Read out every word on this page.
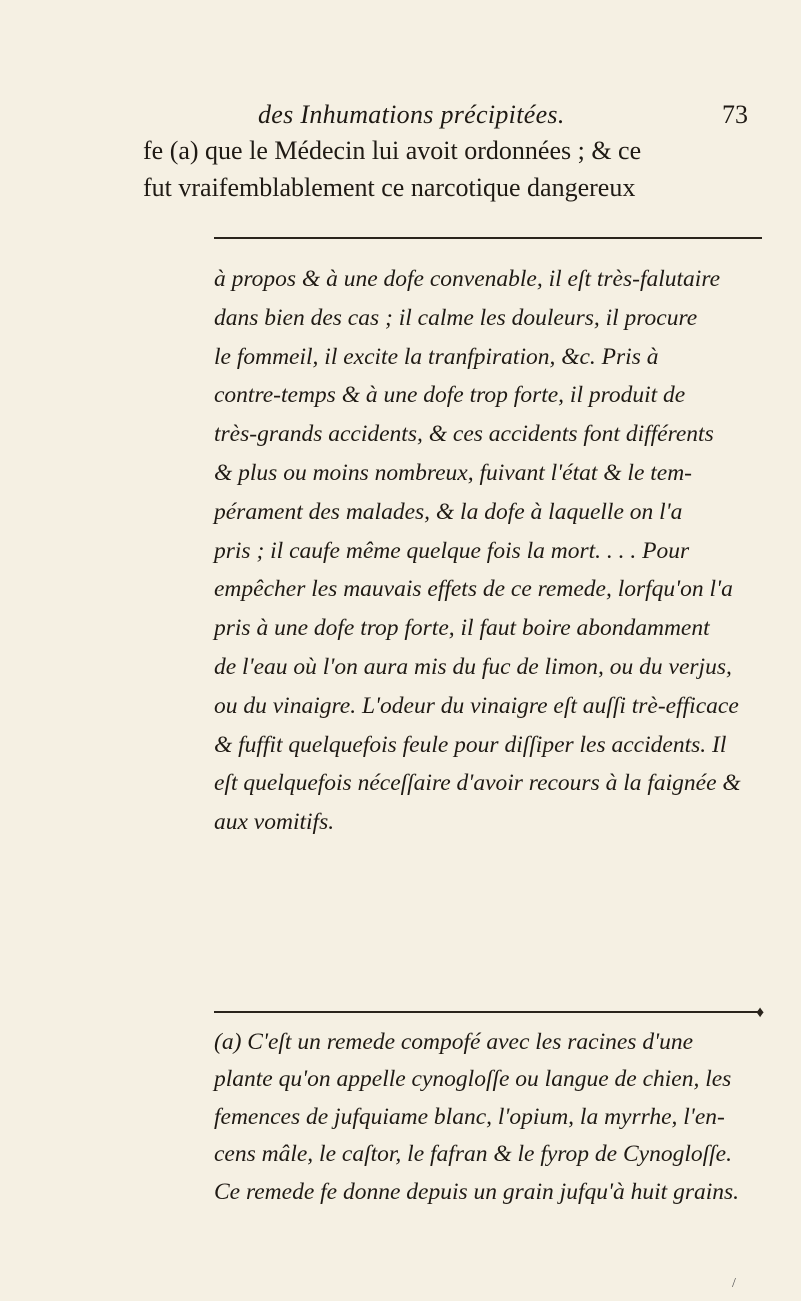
des Inhumations précipitées.	73
fe (a) que le Médecin lui avoit ordonnées ; & ce
fut vraifemblablement ce narcotique dangereux
à propos & à une dofe convenable, il eſt très-falutaire
dans bien des cas ; il calme les douleurs, il procure
le fommeil, il excite la tranfpiration, &c. Pris à
contre-temps & à une dofe trop forte, il produit de
très-grands accidents, & ces accidents font différents
& plus ou moins nombreux, fuivant l'état & le tem-
pérament des malades, & la dofe à laquelle on l'a
pris ; il caufe même quelque fois la mort. . . . Pour
empêcher les mauvais effets de ce remede, lorfqu'on l'a
pris à une dofe trop forte, il faut boire abondamment
de l'eau où l'on aura mis du fuc de limon, ou du verjus,
ou du vinaigre. L'odeur du vinaigre eſt auſſi trè-efficace
& fuffit quelquefois feule pour diſſiper les accidents. Il
eſt quelquefois néceſſaire d'avoir recours à la faignée &
aux vomitifs.
♦
(a) C'eſt un remede compofé avec les racines d'une
plante qu'on appelle cynogloſſe ou langue de chien, les
femences de jufquiame blanc, l'opium, la myrrhe, l'en-
cens mâle, le caſtor, le fafran & le fyrop de Cynogloſſe.
Ce remede fe donne depuis un grain jufqu'à huit grains.
/
